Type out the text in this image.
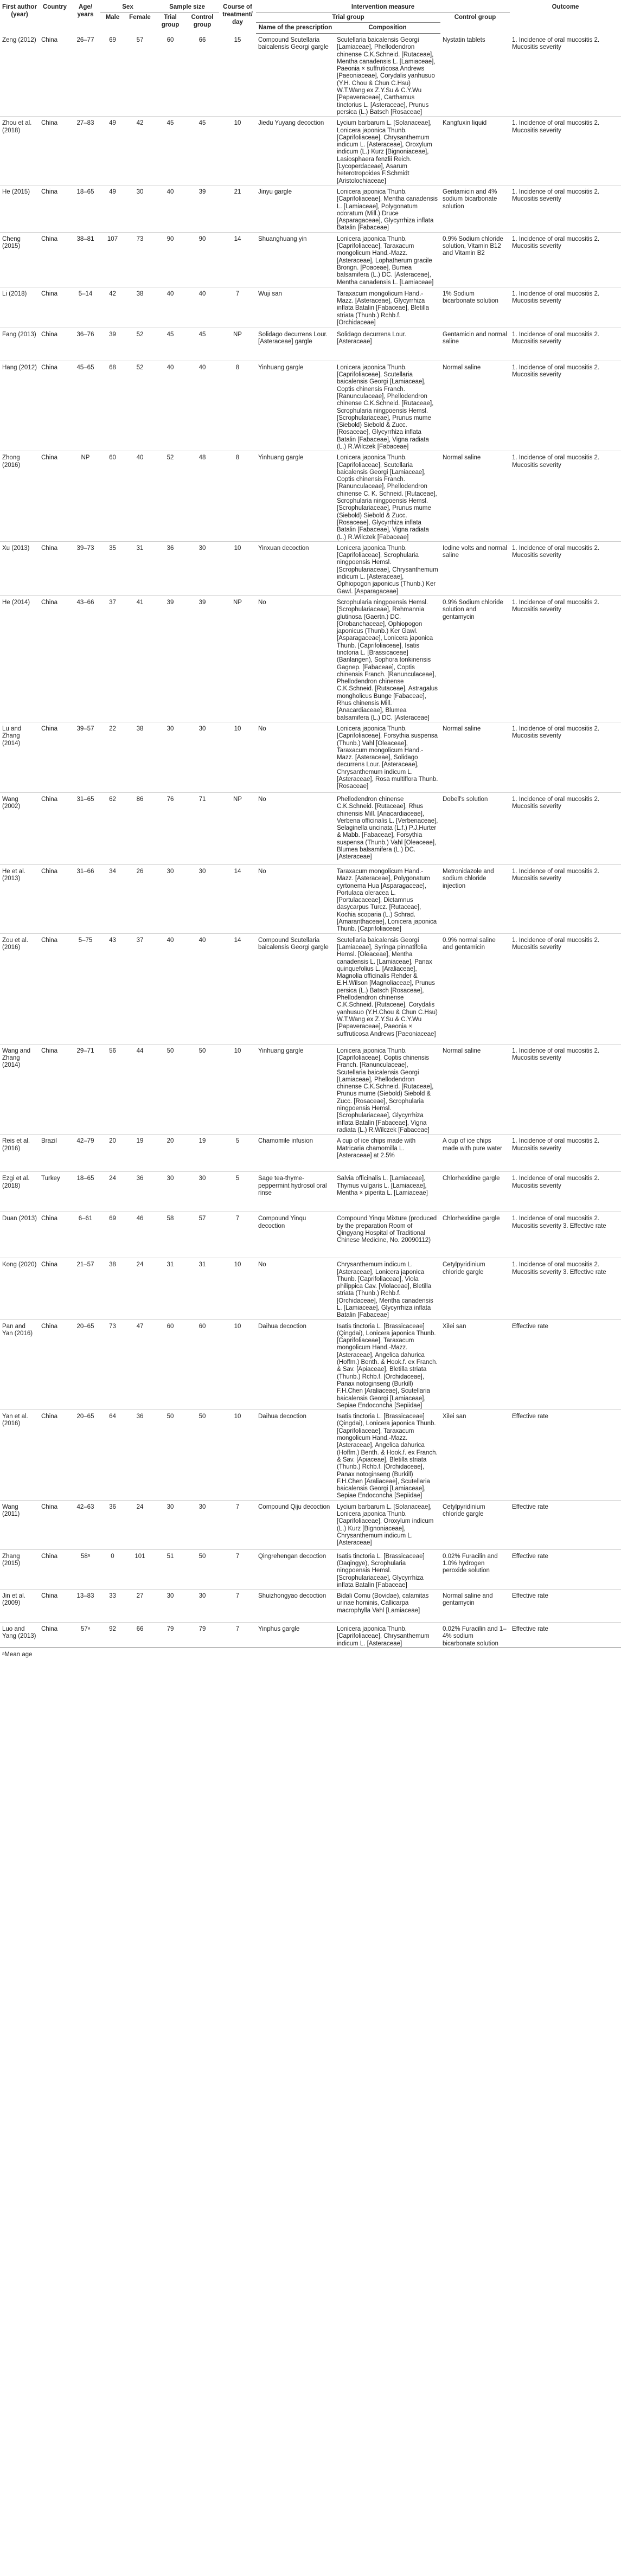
First author (year)	Country	Age/ years	Sex		Sample size		Course of treatment/ day	Intervention measure			Outcome
			Male	Female	Trial group	Control group		Trial group		Control group	
								Name of the prescription	Composition		
Zeng (2012)	China	26–77	69	57	60	66	15	Compound Scutellaria baicalensis Georgi gargle	Scutellaria baicalensis Georgi [Lamiaceae], Phellodendron chinense C.K.Schneid. [Rutaceae], Mentha canadensis L. [Lamiaceae], Paeonia × suffruticosa Andrews [Paeoniaceae], Corydalis yanhusuo (Y.H. Chou & Chun C.Hsu) W.T.Wang ex Z.Y.Su & C.Y.Wu [Papaveraceae], Carthamus tinctorius L. [Asteraceae], Prunus persica (L.) Batsch [Rosaceae]	Nystatin tablets	1. Incidence of oral mucositis 2. Mucositis severity
Zhou et al. (2018)	China	27–83	49	42	45	45	10	Jiedu Yuyang decoction	Lycium barbarum L. [Solanaceae], Lonicera japonica Thunb. [Caprifoliaceae], Chrysanthemum indicum L. [Asteraceae], Oroxylum indicum (L.) Kurz [Bignoniaceae], Lasiosphaera fenzlii Reich. [Lycoperdaceae], Asarum heterotropoides F.Schmidt [Aristolochiaceae]	Kangfuxin liquid	1. Incidence of oral mucositis 2. Mucositis severity
He (2015)	China	18–65	49	30	40	39	21	Jinyu gargle	Lonicera japonica Thunb. [Caprifoliaceae], Mentha canadensis L. [Lamiaceae], Polygonatum odoratum (Mill.) Druce [Asparagaceae], Glycyrrhiza inflata Batalin [Fabaceae]	Gentamicin and 4% sodium bicarbonate solution	1. Incidence of oral mucositis 2. Mucositis severity
Cheng (2015)	China	38–81	107	73	90	90	14	Shuanghuang yin	Lonicera japonica Thunb. [Caprifoliaceae], Taraxacum mongolicum Hand.-Mazz. [Asteraceae], Lophatherum gracile Brongn. [Poaceae], Bumea balsamifera (L.) DC. [Asteraceae], Mentha canadensis L. [Lamiaceae]	0.9% Sodium chloride solution, Vitamin B12 and Vitamin B2	1. Incidence of oral mucositis 2. Mucositis severity
Li (2018)	China	5–14	42	38	40	40	7	Wuji san	Taraxacum mongolicum Hand.-Mazz. [Asteraceae], Glycyrrhiza inflata Batalin [Fabaceae], Bletilla striata (Thunb.) Rchb.f. [Orchidaceae]	1% Sodium bicarbonate solution	1. Incidence of oral mucositis 2. Mucositis severity
Fang (2013)	China	36–76	39	52	45	45	NP	Solidago decurrens Lour. [Asteraceae] gargle	Solidago decurrens Lour. [Asteraceae]	Gentamicin and normal saline	1. Incidence of oral mucositis 2. Mucositis severity
Hang (2012)	China	45–65	68	52	40	40	8	Yinhuang gargle	Lonicera japonica Thunb. [Caprifoliaceae], Scutellaria baicalensis Georgi [Lamiaceae], Coptis chinensis Franch. [Ranunculaceae], Phellodendron chinense C.K.Schneid. [Rutaceae], Scrophularia ningpoensis Hemsl. [Scrophulariaceae], Prunus mume (Siebold) Siebold & Zucc. [Rosaceae], Glycyrrhiza inflata Batalin [Fabaceae], Vigna radiata (L.) R.Wilczek [Fabaceae]	Normal saline	1. Incidence of oral mucositis 2. Mucositis severity
Zhong (2016)	China	NP	60	40	52	48	8	Yinhuang gargle	Lonicera japonica Thunb. [Caprifoliaceae], Scutellaria baicalensis Georgi [Lamiaceae], Coptis chinensis Franch. [Ranunculaceae], Phellodendron chinense C. K. Schneid. [Rutaceae], Scrophularia ningpoensis Hemsl. [Scrophulariaceae], Prunus mume (Siebold) Siebold & Zucc. [Rosaceae], Glycyrrhiza inflata Batalin [Fabaceae], Vigna radiata (L.) R.Wilczek [Fabaceae]	Normal saline	1. Incidence of oral mucositis 2. Mucositis severity
Xu (2013)	China	39–73	35	31	36	30	10	Yinxuan decoction	Lonicera japonica Thunb. [Caprifoliaceae], Scrophularia ningpoensis Hemsl. [Scrophulariaceae], Chrysanthemum indicum L. [Asteraceae], Ophiopogon japonicus (Thunb.) Ker Gawl. [Asparagaceae]	Iodine volts and normal saline	1. Incidence of oral mucositis 2. Mucositis severity
He (2014)	China	43–66	37	41	39	39	NP	No	Scrophularia ningpoensis Hemsl. [Scrophulariaceae], Rehmannia glutinosa (Gaertn.) DC. [Orobanchaceae], Ophiopogon japonicus (Thunb.) Ker Gawl. [Asparagaceae], Lonicera japonica Thunb. [Caprifoliaceae], Isatis tinctoria L. [Brassicaceae] (Banlangen), Sophora tonkinensis Gagnep. [Fabaceae], Coptis chinensis Franch. [Ranunculaceae], Phellodendron chinense C.K.Schneid. [Rutaceae], Astragalus mongholicus Bunge [Fabaceae], Rhus chinensis Mill. [Anacardiaceae], Blumea balsamifera (L.) DC. [Asteraceae]	0.9% Sodium chloride solution and gentamycin	1. Incidence of oral mucositis 2. Mucositis severity
Lu and Zhang (2014)	China	39–57	22	38	30	30	10	No	Lonicera japonica Thunb. [Caprifoliaceae], Forsythia suspensa (Thunb.) Vahl [Oleaceae], Taraxacum mongolicum Hand.-Mazz. [Asteraceae], Solidago decurrens Lour. [Asteraceae], Chrysanthemum indicum L. [Asteraceae], Rosa multiflora Thunb. [Rosaceae]	Normal saline	1. Incidence of oral mucositis 2. Mucositis severity
Wang (2002)	China	31–65	62	86	76	71	NP	No	Phellodendron chinense C.K.Schneid. [Rutaceae], Rhus chinensis Mill. [Anacardiaceae], Verbena officinalis L. [Verbenaceae], Selaginella uncinata (L.f.) P.J.Hurter & Mabb. [Fabaceae], Forsythia suspensa (Thunb.) Vahl [Oleaceae], Blumea balsamifera (L.) DC. [Asteraceae]	Dobell's solution	1. Incidence of oral mucositis 2. Mucositis severity
He et al. (2013)	China	31–66	34	26	30	30	14	No	Taraxacum mongolicum Hand.-Mazz. [Asteraceae], Polygonatum cyrtonema Hua [Asparagaceae], Portulaca oleracea L. [Portulacaceae], Dictamnus dasycarpus Turcz. [Rutaceae], Kochia scoparia (L.) Schrad. [Amaranthaceae], Lonicera japonica Thunb. [Caprifoliaceae]	Metronidazole and sodium chloride injection	1. Incidence of oral mucositis 2. Mucositis severity
Zou et al. (2016)	China	5–75	43	37	40	40	14	Compound Scutellaria baicalensis Georgi gargle	Scutellaria baicalensis Georgi [Lamiaceae], Syringa pinnatifolia Hemsl. [Oleaceae], Mentha canadensis L. [Lamiaceae], Panax quinquefolius L. [Araliaceae], Magnolia officinalis Rehder & E.H.Wilson [Magnoliaceae], Prunus persica (L.) Batsch [Rosaceae], Phellodendron chinense C.K.Schneid. [Rutaceae], Corydalis yanhusuo (Y.H.Chou & Chun C.Hsu) W.T.Wang ex Z.Y.Su & C.Y.Wu [Papaveraceae], Paeonia × suffruticosa Andrews [Paeoniaceae]	0.9% normal saline and gentamicin	1. Incidence of oral mucositis 2. Mucositis severity
Wang and Zhang (2014)	China	29–71	56	44	50	50	10	Yinhuang gargle	Lonicera japonica Thunb. [Caprifoliaceae], Coptis chinensis Franch. [Ranunculaceae], Scutellaria baicalensis Georgi [Lamiaceae], Phellodendron chinense C.K.Schneid. [Rutaceae], Prunus mume (Siebold) Siebold & Zucc. [Rosaceae], Scrophularia ningpoensis Hemsl. [Scrophulariaceae], Glycyrrhiza inflata Batalin [Fabaceae], Vigna radiata (L.) R.Wilczek [Fabaceae]	Normal saline	1. Incidence of oral mucositis 2. Mucositis severity
Reis et al. (2016)	Brazil	42–79	20	19	20	19	5	Chamomile infusion	A cup of ice chips made with Matricaria chamomilla L. [Asteraceae] at 2.5%	A cup of ice chips made with pure water	1. Incidence of oral mucositis 2. Mucositis severity
Ezgi et al. (2018)	Turkey	18–65	24	36	30	30	5	Sage tea-thyme-peppermint hydrosol oral rinse	Salvia officinalis L. [Lamiaceae], Thymus vulgaris L. [Lamiaceae], Mentha × piperita L. [Lamiaceae]	Chlorhexidine gargle	1. Incidence of oral mucositis 2. Mucositis severity
Duan (2013)	China	6–61	69	46	58	57	7	Compound Yinqu decoction	Compound Yinqu Mixture (produced by the preparation Room of Qingyang Hospital of Traditional Chinese Medicine, No. 20090112)	Chlorhexidine gargle	1. Incidence of oral mucositis 2. Mucositis severity 3. Effective rate
Kong (2020)	China	21–57	38	24	31	31	10	No	Chrysanthemum indicum L. [Asteraceae], Lonicera japonica Thunb. [Caprifoliaceae], Viola philippica Cav. [Violaceae], Bletilla striata (Thunb.) Rchb.f. [Orchidaceae], Mentha canadensis L. [Lamiaceae], Glycyrrhiza inflata Batalin [Fabaceae]	Cetylpyridinium chloride gargle	1. Incidence of oral mucositis 2. Mucositis severity 3. Effective rate
Pan and Yan (2016)	China	20–65	73	47	60	60	10	Daihua decoction	Isatis tinctoria L. [Brassicaceae] (Qingdai), Lonicera japonica Thunb. [Caprifoliaceae], Taraxacum mongolicum Hand.-Mazz. [Asteraceae], Angelica dahurica (Hoffm.) Benth. & Hook.f. ex Franch. & Sav. [Apiaceae], Bletilla striata (Thunb.) Rchb.f. [Orchidaceae], Panax notoginseng (Burkill) F.H.Chen [Araliaceae], Scutellaria baicalensis Georgi [Lamiaceae], Sepiae Endoconcha [Sepiidae]	Xilei san	Effective rate
Yan et al. (2016)	China	20–65	64	36	50	50	10	Daihua decoction	Isatis tinctoria L. [Brassicaceae] (Qingdai), Lonicera japonica Thunb. [Caprifoliaceae], Taraxacum mongolicum Hand.-Mazz. [Asteraceae], Angelica dahurica (Hoffm.) Benth. & Hook.f. ex Franch. & Sav. [Apiaceae], Bletilla striata (Thunb.) Rchb.f. [Orchidaceae], Panax notoginseng (Burkill) F.H.Chen [Araliaceae], Scutellaria baicalensis Georgi [Lamiaceae], Sepiae Endoconcha [Sepiidae]	Xilei san	Effective rate
Wang (2011)	China	42–63	36	24	30	30	7	Compound Qiju decoction	Lycium barbarum L. [Solanaceae], Lonicera japonica Thunb. [Caprifoliaceae], Oroxylum indicum (L.) Kurz [Bignoniaceae], Chrysanthemum indicum L. [Asteraceae]	Cetylpyridinium chloride gargle	Effective rate
Zhang (2015)	China	58ᵃ	0	101	51	50	7	Qingrehengan decoction	Isatis tinctoria L. [Brassicaceae] (Daqingye), Scrophularia ningpoensis Hemsl. [Scrophulariaceae], Glycyrrhiza inflata Batalin [Fabaceae]	0.02% Furacilin and 1.0% hydrogen peroxide solution	Effective rate
Jin et al. (2009)	China	13–83	33	27	30	30	7	Shuizhongyao decoction	Bidali Comu (Bovidae), calamitas urinae hominis, Callicarpa macrophylla Vahl [Lamiaceae]	Normal saline and gentamycin	Effective rate
Luo and Yang (2013)	China	57ᵃ	92	66	79	79	7	Yinphus gargle	Lonicera japonica Thunb. [Caprifoliaceae], Chrysanthemum indicum L. [Asteraceae]	0.02% Furacilin and 1–4% sodium bicarbonate solution	Effective rate
ᵃMean age
